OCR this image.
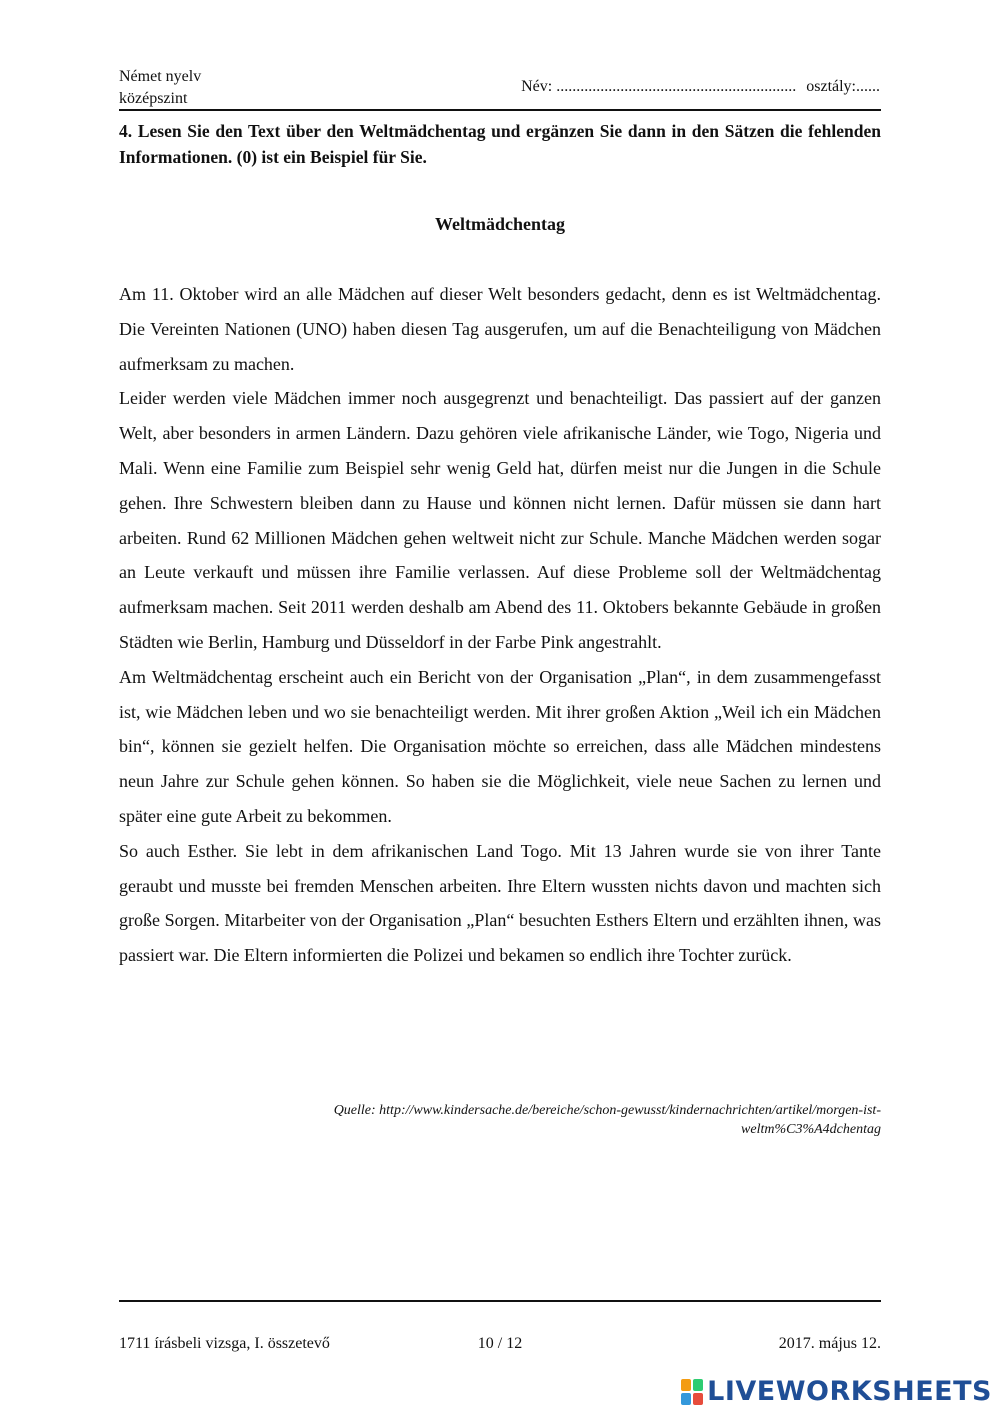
Német nyelv
középszint
Név: ............................................................ osztály:......
4. Lesen Sie den Text über den Weltmädchentag und ergänzen Sie dann in den Sätzen die fehlenden Informationen. (0) ist ein Beispiel für Sie.
Weltmädchentag

Am 11. Oktober wird an alle Mädchen auf dieser Welt besonders gedacht, denn es ist Weltmädchentag. Die Vereinten Nationen (UNO) haben diesen Tag ausgerufen, um auf die Benachteiligung von Mädchen aufmerksam zu machen.

Leider werden viele Mädchen immer noch ausgegrenzt und benachteiligt. Das passiert auf der ganzen Welt, aber besonders in armen Ländern. Dazu gehören viele afrikanische Länder, wie Togo, Nigeria und Mali. Wenn eine Familie zum Beispiel sehr wenig Geld hat, dürfen meist nur die Jungen in die Schule gehen. Ihre Schwestern bleiben dann zu Hause und können nicht lernen. Dafür müssen sie dann hart arbeiten. Rund 62 Millionen Mädchen gehen weltweit nicht zur Schule. Manche Mädchen werden sogar an Leute verkauft und müssen ihre Familie verlassen. Auf diese Probleme soll der Weltmädchentag aufmerksam machen. Seit 2011 werden deshalb am Abend des 11. Oktobers bekannte Gebäude in großen Städten wie Berlin, Hamburg und Düsseldorf in der Farbe Pink angestrahlt.

Am Weltmädchentag erscheint auch ein Bericht von der Organisation „Plan“, in dem zusammengefasst ist, wie Mädchen leben und wo sie benachteiligt werden. Mit ihrer großen Aktion „Weil ich ein Mädchen bin“, können sie gezielt helfen. Die Organisation möchte so erreichen, dass alle Mädchen mindestens neun Jahre zur Schule gehen können. So haben sie die Möglichkeit, viele neue Sachen zu lernen und später eine gute Arbeit zu bekommen.

So auch Esther. Sie lebt in dem afrikanischen Land Togo. Mit 13 Jahren wurde sie von ihrer Tante geraubt und musste bei fremden Menschen arbeiten. Ihre Eltern wussten nichts davon und machten sich große Sorgen. Mitarbeiter von der Organisation „Plan“ besuchten Esthers Eltern und erzählten ihnen, was passiert war. Die Eltern informierten die Polizei und bekamen so endlich ihre Tochter zurück.

Quelle: http://www.kindersache.de/bereiche/schon-gewusst/kindernachrichten/artikel/morgen-ist-
weltm%C3%A4dchentag
1711 írásbeli vizsga, I. összetevő	10 / 12	2017. május 12.
LIVEWORKSHEETS
